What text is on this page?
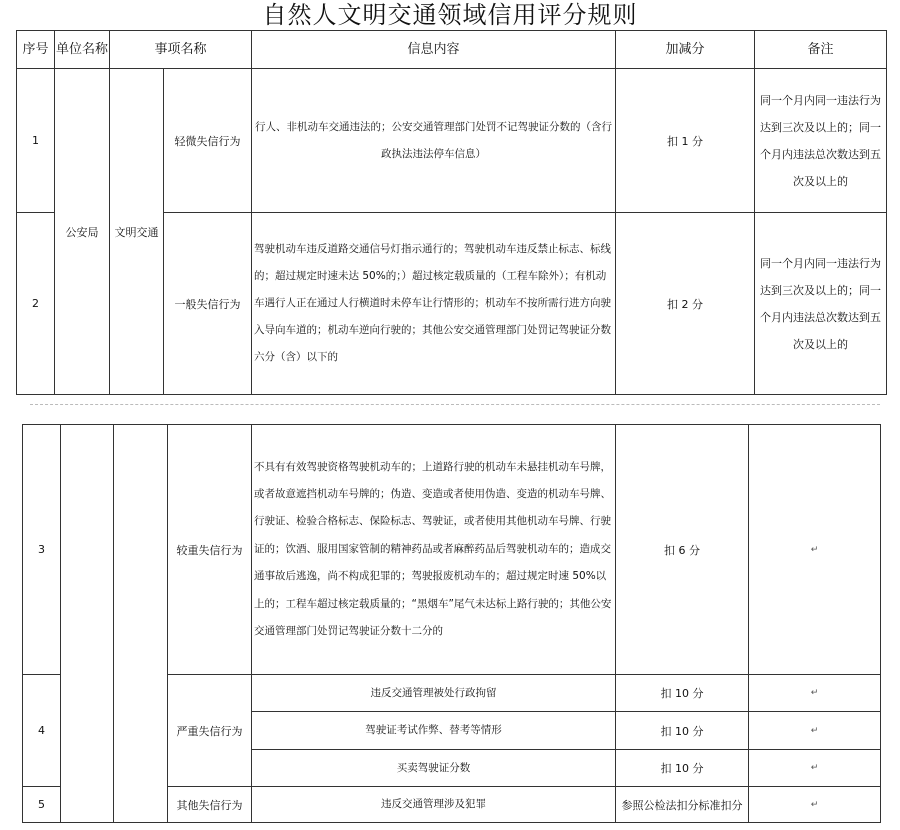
自然人文明交通领域信用评分规则
序号	单位名称	事项名称		信息内容	加减分	备注
1	公安局	文明交通	轻微失信行为	行人、非机动车交通违法的；公安交通管理部门处罚不记驾驶证分数的（含行政执法违法停车信息）	扣 1 分	同一个月内同一违法行为达到三次及以上的；同一个月内违法总次数达到五次及以上的
2			一般失信行为	驾驶机动车违反道路交通信号灯指示通行的；驾驶机动车违反禁止标志、标线的；超过规定时速未达 50%的；）超过核定载质量的（工程车除外）；有机动车遇行人正在通过人行横道时未停车让行情形的；机动车不按所需行进方向驶入导向车道的；机动车逆向行驶的；其他公安交通管理部门处罚记驾驶证分数六分（含）以下的	扣 2 分	同一个月内同一违法行为达到三次及以上的；同一个月内违法总次数达到五次及以上的
3			较重失信行为	不具有有效驾驶资格驾驶机动车的；上道路行驶的机动车未悬挂机动车号牌，或者故意遮挡机动车号牌的；伪造、变造或者使用伪造、变造的机动车号牌、行驶证、检验合格标志、保险标志、驾驶证，或者使用其他机动车号牌、行驶证的；饮酒、服用国家管制的精神药品或者麻醉药品后驾驶机动车的；造成交通事故后逃逸，尚不构成犯罪的；驾驶报废机动车的；超过规定时速 50%以上的；工程车超过核定载质量的；“黑烟车”尾气未达标上路行驶的；其他公安交通管理部门处罚记驾驶证分数十二分的	扣 6 分	↵
4			严重失信行为	违反交通管理被处行政拘留	扣 10 分	↵
				驾驶证考试作弊、替考等情形	扣 10 分	↵
				买卖驾驶证分数	扣 10 分	↵
5			其他失信行为	违反交通管理涉及犯罪	参照公检法扣分标准扣分	↵
